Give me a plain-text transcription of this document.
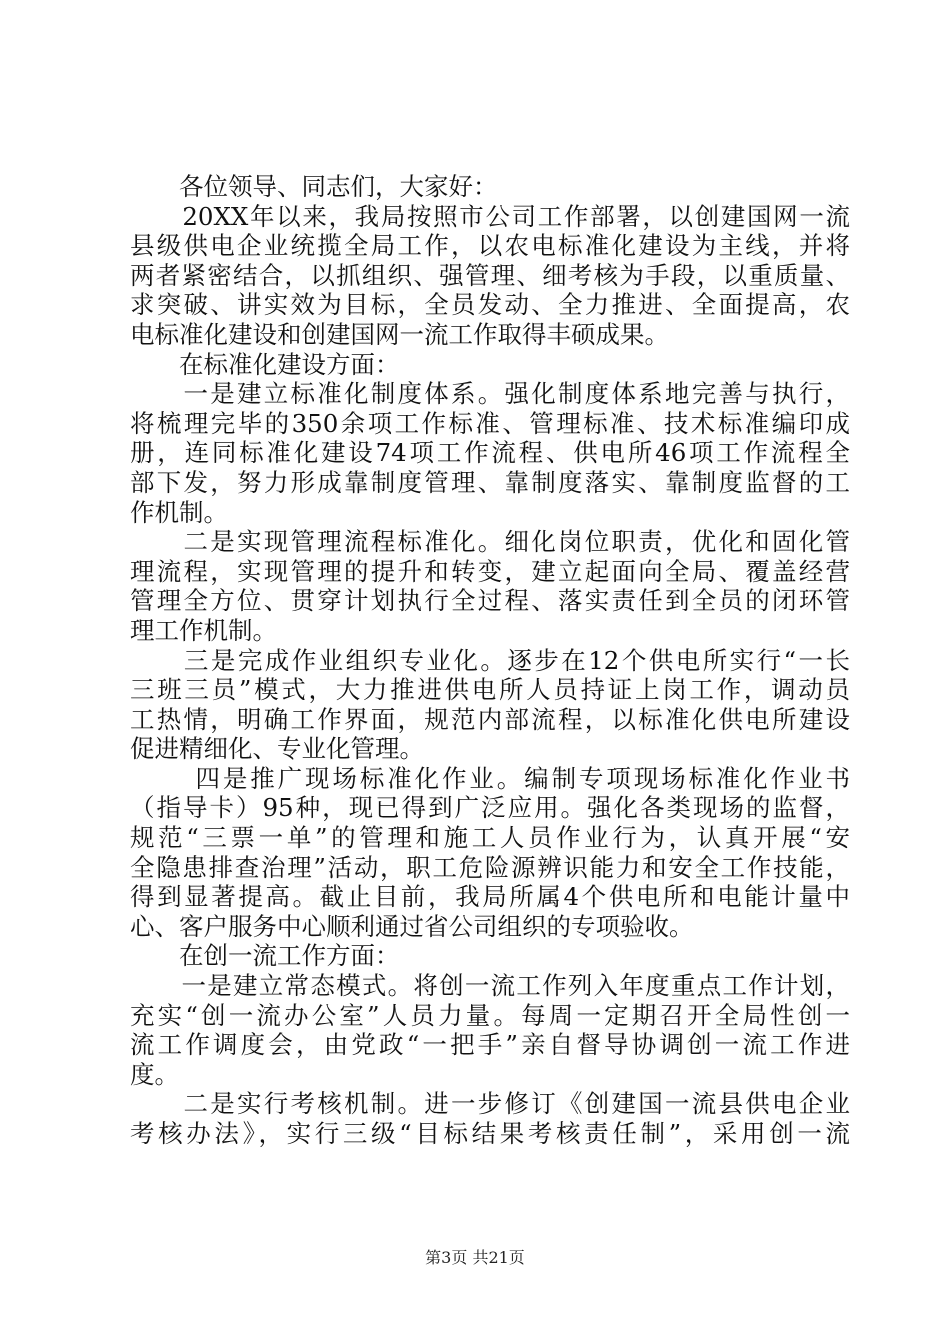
　　各位领导、同志们，大家好：
　　20XX年以来，我局按照市公司工作部署，以创建国网一流
县级供电企业统揽全局工作，以农电标准化建设为主线，并将
两者紧密结合，以抓组织、强管理、细考核为手段，以重质量、
求突破、讲实效为目标，全员发动、全力推进、全面提高，农
电标准化建设和创建国网一流工作取得丰硕成果。
　　在标准化建设方面：
　　一是建立标准化制度体系。强化制度体系地完善与执行，
将梳理完毕的350余项工作标准、管理标准、技术标准编印成
册，连同标准化建设74项工作流程、供电所46项工作流程全
部下发，努力形成靠制度管理、靠制度落实、靠制度监督的工
作机制。
　　二是实现管理流程标准化。细化岗位职责，优化和固化管
理流程，实现管理的提升和转变，建立起面向全局、覆盖经营
管理全方位、贯穿计划执行全过程、落实责任到全员的闭环管
理工作机制。
　　三是完成作业组织专业化。逐步在12个供电所实行“一长
三班三员”模式，大力推进供电所人员持证上岗工作，调动员
工热情，明确工作界面，规范内部流程，以标准化供电所建设
促进精细化、专业化管理。
　　 四是推广现场标准化作业。编制专项现场标准化作业书
（指导卡）95种，现已得到广泛应用。强化各类现场的监督，
规范“三票一单”的管理和施工人员作业行为，认真开展“安
全隐患排查治理”活动，职工危险源辨识能力和安全工作技能，
得到显著提高。截止目前，我局所属4个供电所和电能计量中
心、客户服务中心顺利通过省公司组织的专项验收。
　　在创一流工作方面：
　　一是建立常态模式。将创一流工作列入年度重点工作计划，
充实“创一流办公室”人员力量。每周一定期召开全局性创一
流工作调度会，由党政“一把手”亲自督导协调创一流工作进
度。
　　二是实行考核机制。进一步修订《创建国一流县供电企业
考核办法》，实行三级“目标结果考核责任制”，采用创一流
第3页 共21页
